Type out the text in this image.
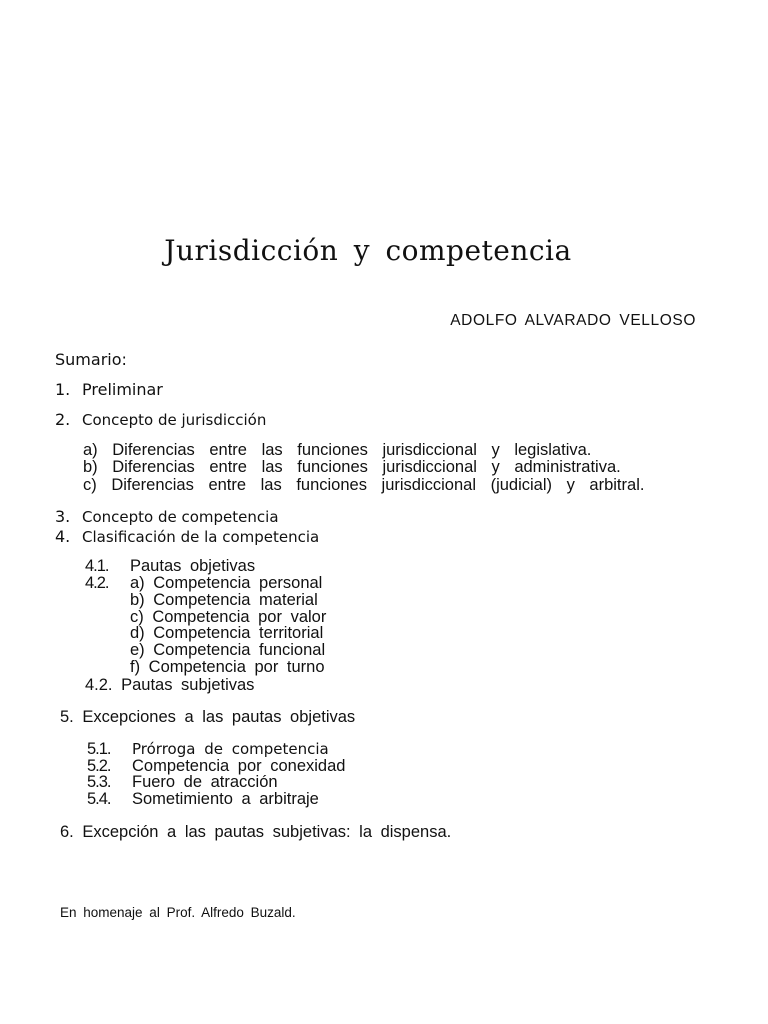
Jurisdicción y competencia
ADOLFO ALVARADO VELLOSO
Sumario:
1. Preliminar
2. Concepto de jurisdicción
a) Diferencias entre las funciones jurisdiccional y legislativa.
b) Diferencias entre las funciones jurisdiccional y administrativa.
c) Diferencias entre las funciones jurisdiccional (judicial) y arbitral.
3. Concepto de competencia
4. Clasificación de la competencia
4.1. Pautas objetivas
4.2. a) Competencia personal
b) Competencia material
c) Competencia por valor
d) Competencia territorial
e) Competencia funcional
f) Competencia por turno
4.2. Pautas subjetivas
5. Excepciones a las pautas objetivas
5.1. Prórroga de competencia
5.2. Competencia por conexidad
5.3. Fuero de atracción
5.4. Sometimiento a arbitraje
6. Excepción a las pautas subjetivas: la dispensa.
En homenaje al Prof. Alfredo Buzald.
